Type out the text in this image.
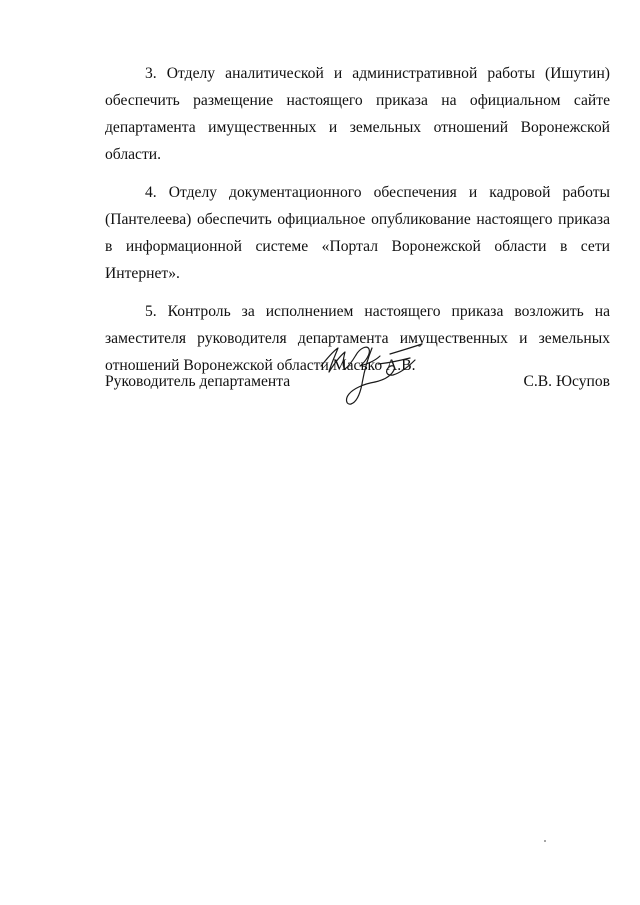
3. Отделу аналитической и административной работы (Ишутин) обеспечить размещение настоящего приказа на официальном сайте департамента имущественных и земельных отношений Воронежской области.

4. Отделу документационного обеспечения и кадровой работы (Пантелеева) обеспечить официальное опубликование настоящего приказа в информационной системе «Портал Воронежской области в сети Интернет».

5. Контроль за исполнением настоящего приказа возложить на заместителя руководителя департамента имущественных и земельных отношений Воронежской области Масько А.В.

Руководитель департамента	С.В. Юсупов
